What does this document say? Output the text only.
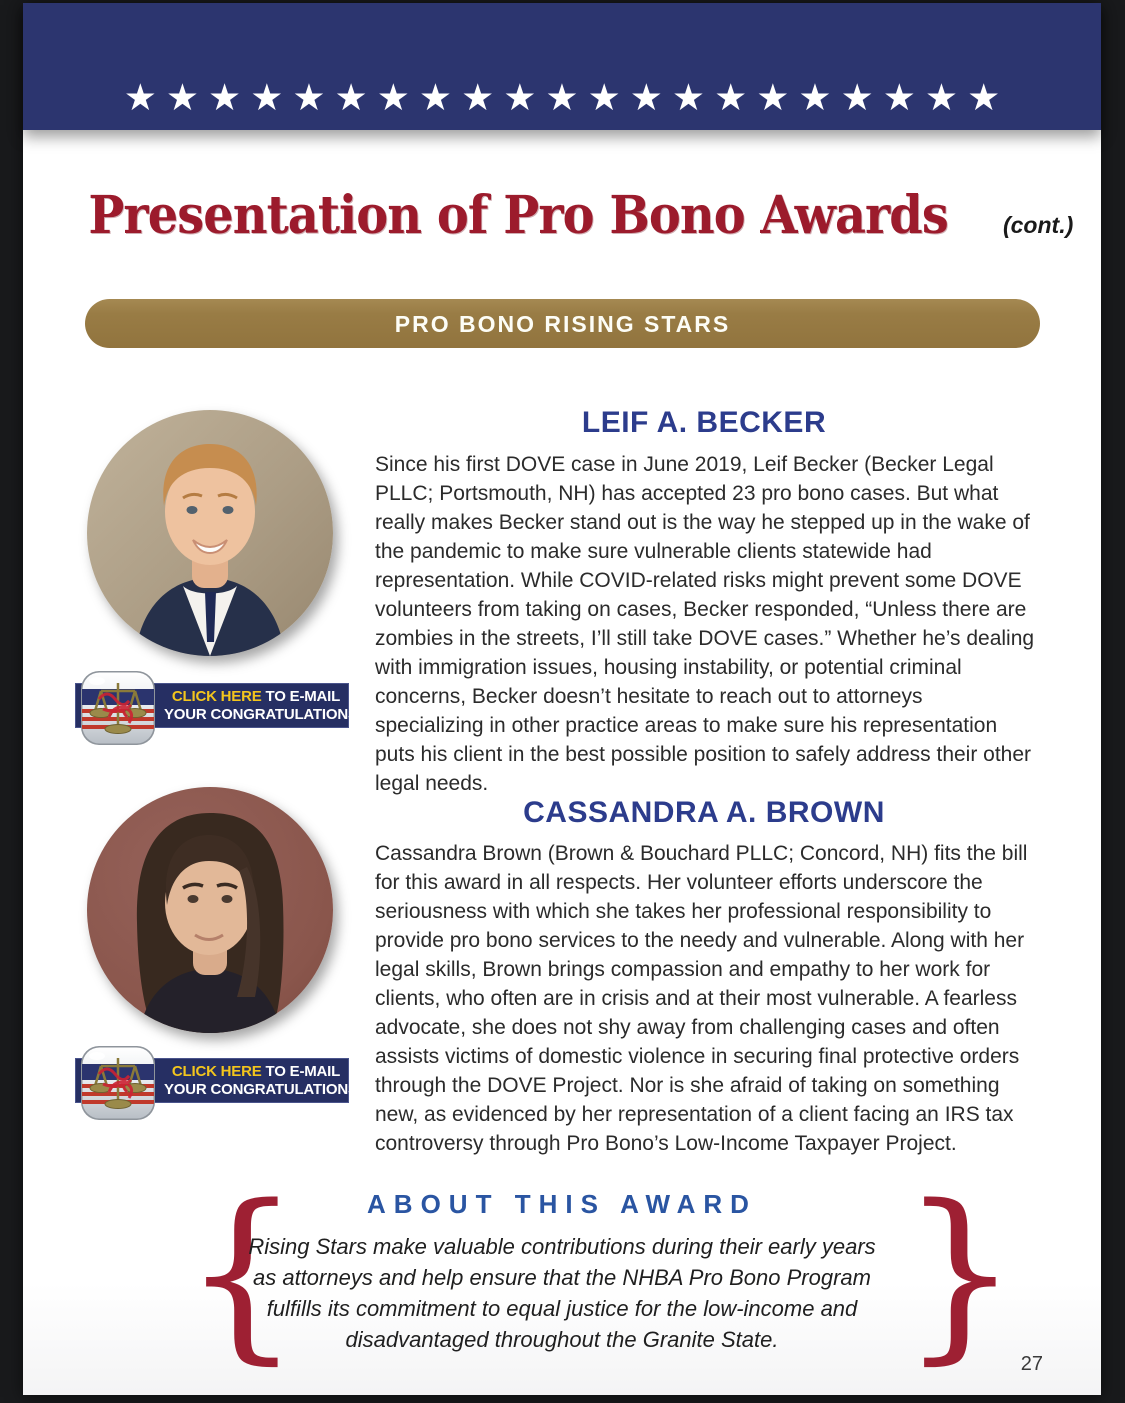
★★★★★★★★★★★★★★★★★★★★★
Presentation of Pro Bono Awards (cont.)
PRO BONO RISING STARS
LEIF A. BECKER
Since his first DOVE case in June 2019, Leif Becker (Becker Legal PLLC; Portsmouth, NH) has accepted 23 pro bono cases. But what really makes Becker stand out is the way he stepped up in the wake of the pandemic to make sure vulnerable clients statewide had representation. While COVID-related risks might prevent some DOVE volunteers from taking on cases, Becker responded, “Unless there are zombies in the streets, I’ll still take DOVE cases.” Whether he’s dealing with immigration issues, housing instability, or potential criminal concerns, Becker doesn’t hesitate to reach out to attorneys specializing in other practice areas to make sure his representation puts his client in the best possible position to safely address their other legal needs.
CLICK HERE TO E-MAIL
YOUR CONGRATULATIONS
CASSANDRA A. BROWN
Cassandra Brown (Brown & Bouchard PLLC; Concord, NH) fits the bill for this award in all respects. Her volunteer efforts underscore the seriousness with which she takes her professional responsibility to provide pro bono services to the needy and vulnerable. Along with her legal skills, Brown brings compassion and empathy to her work for clients, who often are in crisis and at their most vulnerable. A fearless advocate, she does not shy away from challenging cases and often assists victims of domestic violence in securing final protective orders through the DOVE Project. Nor is she afraid of taking on something new, as evidenced by her representation of a client facing an IRS tax controversy through Pro Bono’s Low-Income Taxpayer Project.
CLICK HERE TO E-MAIL
YOUR CONGRATULATIONS
ABOUT THIS AWARD
{
Rising Stars make valuable contributions during their early years as attorneys and help ensure that the NHBA Pro Bono Program fulfills its commitment to equal justice for the low-income and disadvantaged throughout the Granite State. } 27
